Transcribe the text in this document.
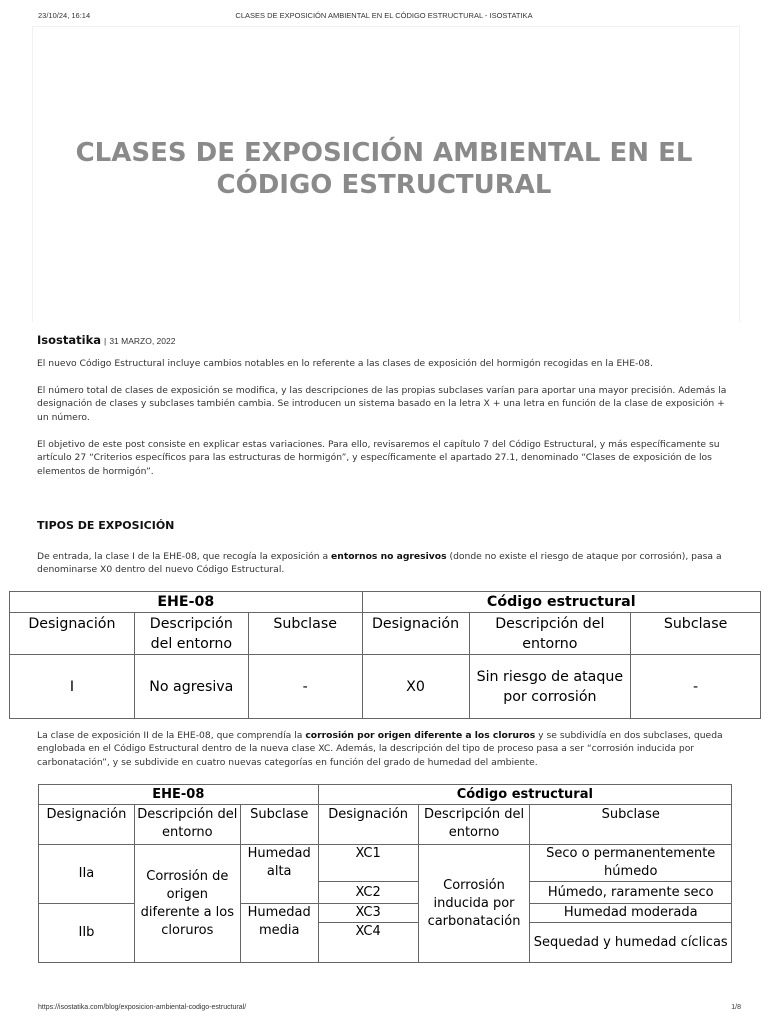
23/10/24, 16:14	CLASES DE EXPOSICIÓN AMBIENTAL EN EL CÓDIGO ESTRUCTURAL - ISOSTATIKA
CLASES DE EXPOSICIÓN AMBIENTAL EN EL CÓDIGO ESTRUCTURAL
Isostatika | 31 MARZO, 2022

El nuevo Código Estructural incluye cambios notables en lo referente a las clases de exposición del hormigón recogidas en la EHE-08.

El número total de clases de exposición se modifica, y las descripciones de las propias subclases varían para aportar una mayor precisión. Además la designación de clases y subclases también cambia. Se introducen un sistema basado en la letra X + una letra en función de la clase de exposición + un número.

El objetivo de este post consiste en explicar estas variaciones. Para ello, revisaremos el capítulo 7 del Código Estructural, y más específicamente su artículo 27 “Criterios específicos para las estructuras de hormigón”, y específicamente el apartado 27.1, denominado “Clases de exposición de los elementos de hormigón”.

TIPOS DE EXPOSICIÓN

De entrada, la clase I de la EHE-08, que recogía la exposición a entornos no agresivos (donde no existe el riesgo de ataque por corrosión), pasa a denominarse X0 dentro del nuevo Código Estructural.

EHE-08			Código estructural		
Designación	Descripción del entorno	Subclase	Designación	Descripción del entorno	Subclase
I	No agresiva	-	X0	Sin riesgo de ataque por corrosión	-

La clase de exposición II de la EHE-08, que comprendía la corrosión por origen diferente a los cloruros y se subdividía en dos subclases, queda englobada en el Código Estructural dentro de la nueva clase XC. Además, la descripción del tipo de proceso pasa a ser “corrosión inducida por carbonatación”, y se subdivide en cuatro nuevas categorías en función del grado de humedad del ambiente.

EHE-08			Código estructural		
Designación	Descripción del entorno	Subclase	Designación	Descripción del entorno	Subclase
IIa	Corrosión de origen diferente a los cloruros	Humedad alta	XC1	Corrosión inducida por carbonatación	Seco o permanentemente húmedo
			XC2		Húmedo, raramente seco
IIb		Humedad media	XC3		Humedad moderada
			XC4		Sequedad y humedad cíclicas
https://isostatika.com/blog/exposicion-ambiental-codigo-estructural/	1/8
